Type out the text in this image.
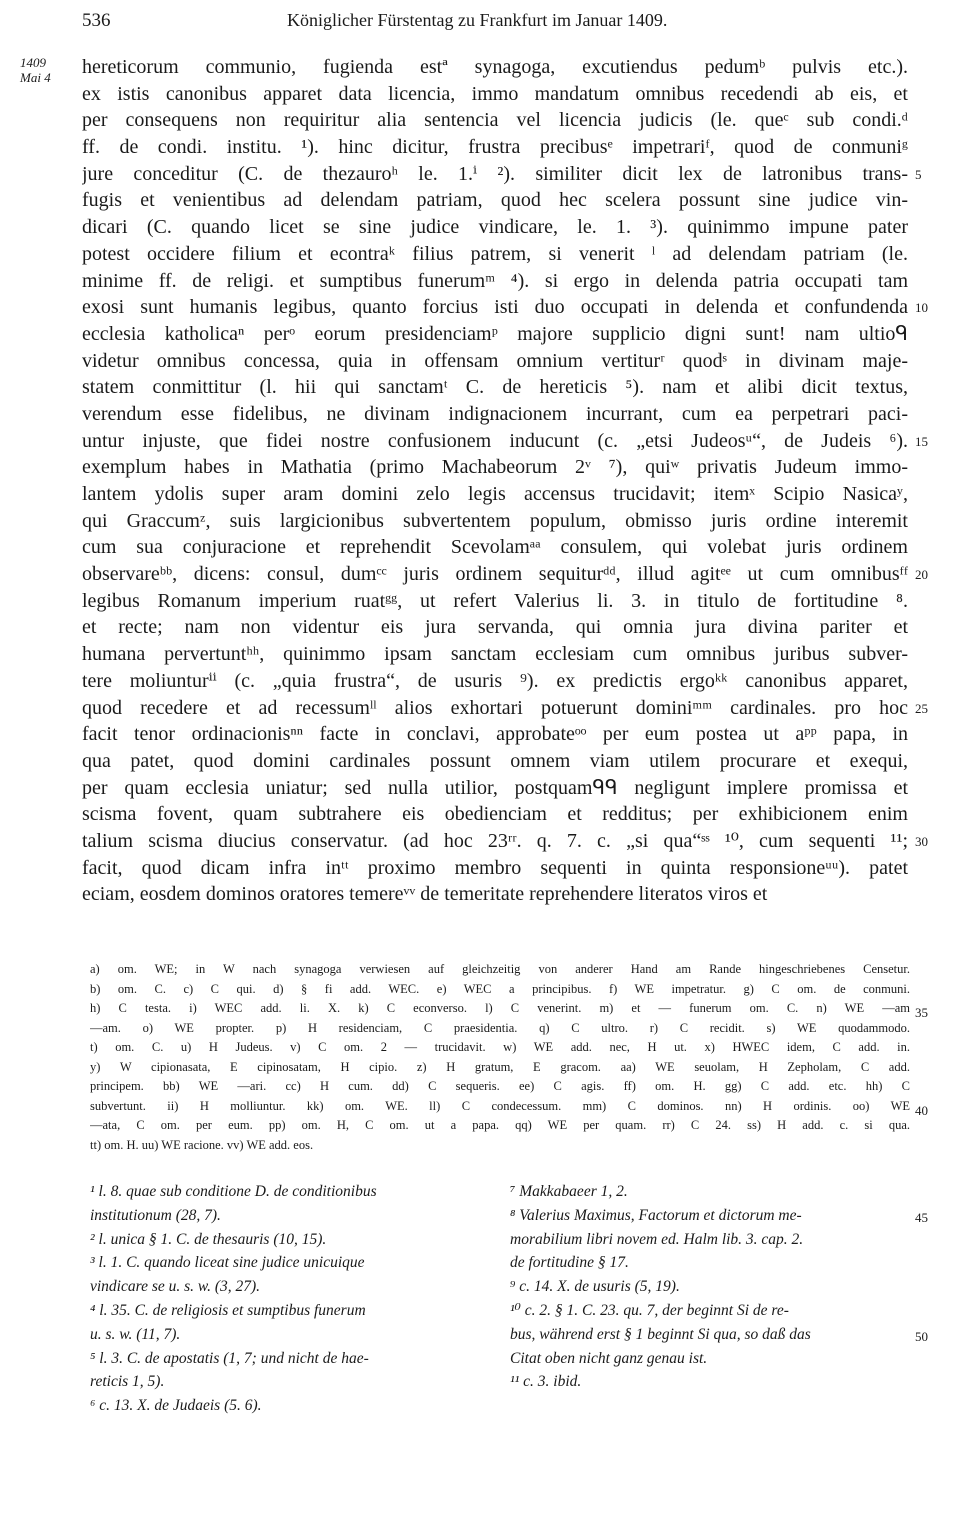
536	Königlicher Fürstentag zu Frankfurt im Januar 1409.
1409
Mai 4 hereticorum communio, fugienda estª synagoga, excutiendus pedumᵇ pulvis etc.).
ex istis canonibus apparet data licencia, immo mandatum omnibus recedendi ab eis, et
per consequens non requiritur alia sentencia vel licencia judicis (le. queᶜ sub condi.ᵈ
ff. de condi. institu. ¹). hinc dicitur, frustra precibusᵉ impetrariᶠ, quod de conmuniᵍ
jure conceditur (C. de thezauroʰ le. 1.ⁱ ²). similiter dicit lex de latronibus trans-
fugis et venientibus ad delendam patriam, quod hec scelera possunt sine judice vin-
dicari (C. quando licet se sine judice vindicare, le. 1. ³). quinimmo impune pater
potest occidere filium et econtraᵏ filius patrem, si venerit ˡ ad delendam patriam (le.
minime ff. de religi. et sumptibus funerumᵐ ⁴). si ergo in delenda patria occupati tam
exosi sunt humanis legibus, quanto forcius isti duo occupati in delenda et confundenda
ecclesia katholicaⁿ perᵒ eorum presidenciamᵖ majore supplicio digni sunt! nam ultioᑫ
videtur omnibus concessa, quia in offensam omnium vertiturʳ quodˢ in divinam maje-
statem conmittitur (l. hii qui sanctamᵗ C. de hereticis ⁵). nam et alibi dicit textus,
verendum esse fidelibus, ne divinam indignacionem incurrant, cum ea perpetrari paci-
untur injuste, que fidei nostre confusionem inducunt (c. „etsi Judeosᵘ“, de Judeis ⁶).
exemplum habes in Mathatia (primo Machabeorum 2ᵛ ⁷), quiʷ privatis Judeum immo-
lantem ydolis super aram domini zelo legis accensus trucidavit; itemˣ Scipio Nasicaʸ,
qui Graccumᶻ, suis largicionibus subvertentem populum, obmisso juris ordine interemit
cum sua conjuracione et reprehendit Scevolamᵃᵃ consulem, qui volebat juris ordinem
observareᵇᵇ, dicens: consul, dumᶜᶜ juris ordinem sequiturᵈᵈ, illud agitᵉᵉ ut cum omnibusᶠᶠ
legibus Romanum imperium ruatᵍᵍ, ut refert Valerius li. 3. in titulo de fortitudine ⁸.
et recte; nam non videntur eis jura servanda, qui omnia jura divina pariter et
humana pervertuntʰʰ, quinimmo ipsam sanctam ecclesiam cum omnibus juribus subver-
tere moliunturⁱⁱ (c. „quia frustra“, de usuris ⁹). ex predictis ergoᵏᵏ canonibus apparet,
quod recedere et ad recessumˡˡ alios exhortari potuerunt dominiᵐᵐ cardinales. pro hoc
facit tenor ordinacionisⁿⁿ facte in conclavi, approbateᵒᵒ per eum postea ut aᵖᵖ papa, in
qua patet, quod domini cardinales possunt omnem viam utilem procurare et exequi,
per quam ecclesia uniatur; sed nulla utilior, postquamᑫᑫ negligunt implere promissa et
scisma fovent, quam subtrahere eis obedienciam et redditus; per exhibicionem enim
talium scisma diucius conservatur. (ad hoc 23ʳʳ. q. 7. c. „si qua“ˢˢ ¹⁰, cum sequenti ¹¹;
facit, quod dicam infra inᵗᵗ proximo membro sequenti in quinta responsioneᵘᵘ). patet
eciam, eosdem dominos oratores temereᵛᵛ de temeritate reprehendere literatos viros et
5
10
15
20
25
30
a) om. WE; in W nach synagoga verwiesen auf gleichzeitig von anderer Hand am Rande hingeschriebenes Censetur.
b) om. C. c) C qui. d) § fi add. WEC. e) WEC a principibus. f) WE impetratur. g) C om. de conmuni.
h) C testa. i) WEC add. li. X. k) C econverso. l) C venerint. m) et — funerum om. C. n) WE —am
—am. o) WE propter. p) H residenciam, C praesidentia. q) C ultro. r) C recidit. s) WE quodammodo.
t) om. C. u) H Judeus. v) C om. 2 — trucidavit. w) WE add. nec, H ut. x) HWEC idem, C add. in.
y) W cipionasata, E cipinosatam, H cipio. z) H gratum, E gracom. aa) WE seuolam, H Zepholam, C add.
principem. bb) WE —ari. cc) H cum. dd) C sequeris. ee) C agis. ff) om. H. gg) C add. etc. hh) C
subvertunt. ii) H molliuntur. kk) om. WE. ll) C condecessum. mm) C dominos. nn) H ordinis. oo) WE
—ata, C om. per eum. pp) om. H, C om. ut a papa. qq) WE per quam. rr) C 24. ss) H add. c. si qua.
tt) om. H. uu) WE racione. vv) WE add. eos.
35
40
¹ l. 8. quae sub conditione D. de conditionibus
institutionum (28, 7).
² l. unica § 1. C. de thesauris (10, 15).
³ l. 1. C. quando liceat sine judice unicuique
vindicare se u. s. w. (3, 27).
⁴ l. 35. C. de religiosis et sumptibus funerum
u. s. w. (11, 7).
⁵ l. 3. C. de apostatis (1, 7; und nicht de hae-
reticis 1, 5).
⁶ c. 13. X. de Judaeis (5. 6).
⁷ Makkabaeer 1, 2.
⁸ Valerius Maximus, Factorum et dictorum me-
morabilium libri novem ed. Halm lib. 3. cap. 2.
de fortitudine § 17.
⁹ c. 14. X. de usuris (5, 19).
¹⁰ c. 2. § 1. C. 23. qu. 7, der beginnt Si de re-
bus, während erst § 1 beginnt Si qua, so daß das
Citat oben nicht ganz genau ist.
¹¹ c. 3. ibid.
45
50
